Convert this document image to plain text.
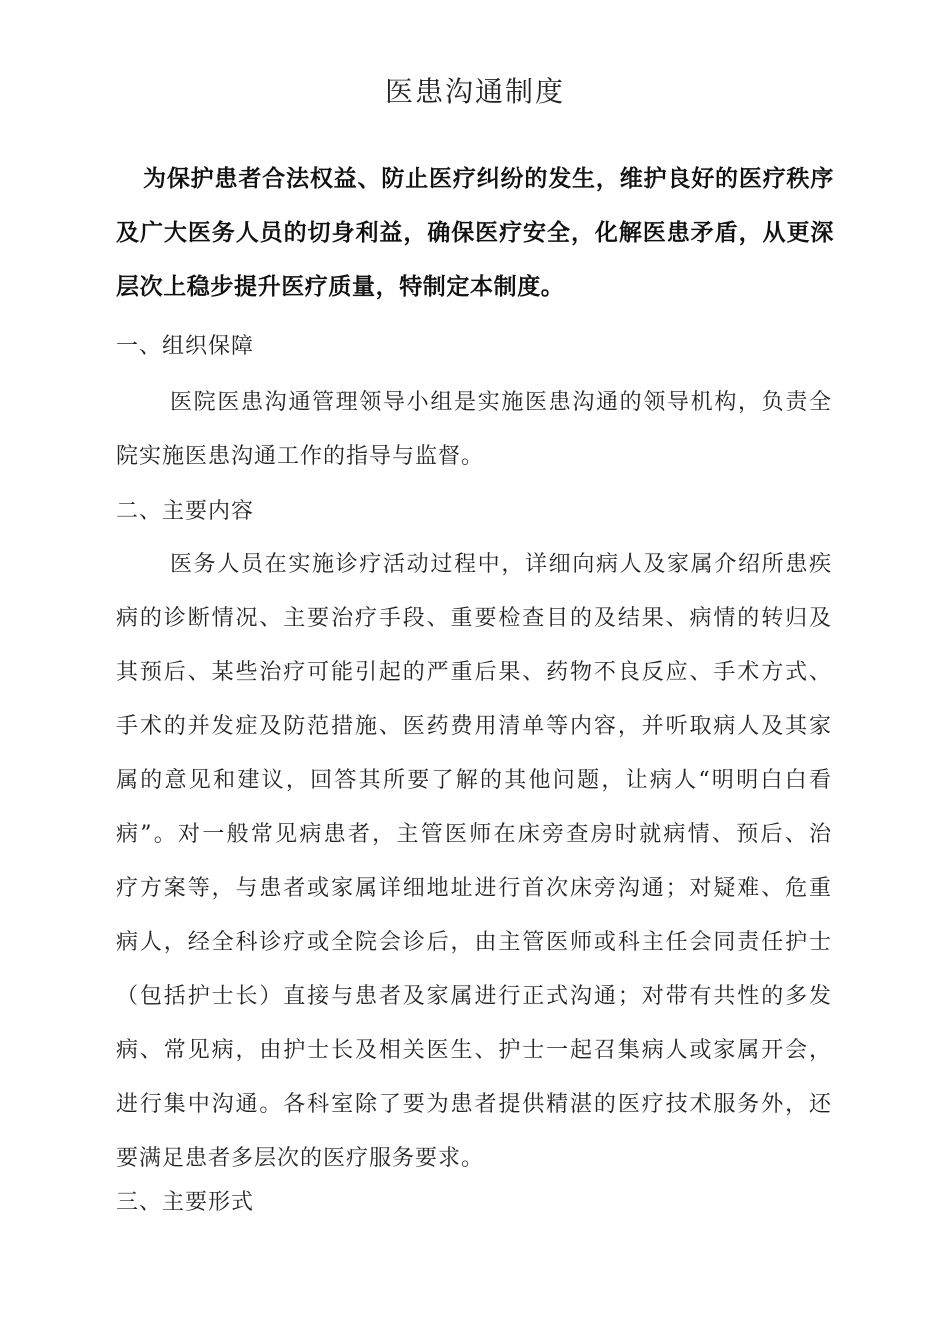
医患沟通制度
为保护患者合法权益、防止医疗纠纷的发生，维护良好的医疗秩序
及广大医务人员的切身利益，确保医疗安全，化解医患矛盾，从更深
层次上稳步提升医疗质量，特制定本制度。
一、组织保障
医院医患沟通管理领导小组是实施医患沟通的领导机构，负责全
院实施医患沟通工作的指导与监督。
二、主要内容
医务人员在实施诊疗活动过程中，详细向病人及家属介绍所患疾
病的诊断情况、主要治疗手段、重要检查目的及结果、病情的转归及
其预后、某些治疗可能引起的严重后果、药物不良反应、手术方式、
手术的并发症及防范措施、医药费用清单等内容，并听取病人及其家
属的意见和建议，回答其所要了解的其他问题，让病人“明明白白看
病”。对一般常见病患者，主管医师在床旁查房时就病情、预后、治
疗方案等，与患者或家属详细地址进行首次床旁沟通；对疑难、危重
病人，经全科诊疗或全院会诊后，由主管医师或科主任会同责任护士
（包括护士长）直接与患者及家属进行正式沟通；对带有共性的多发
病、常见病，由护士长及相关医生、护士一起召集病人或家属开会，
进行集中沟通。各科室除了要为患者提供精湛的医疗技术服务外，还
要满足患者多层次的医疗服务要求。
三、主要形式
